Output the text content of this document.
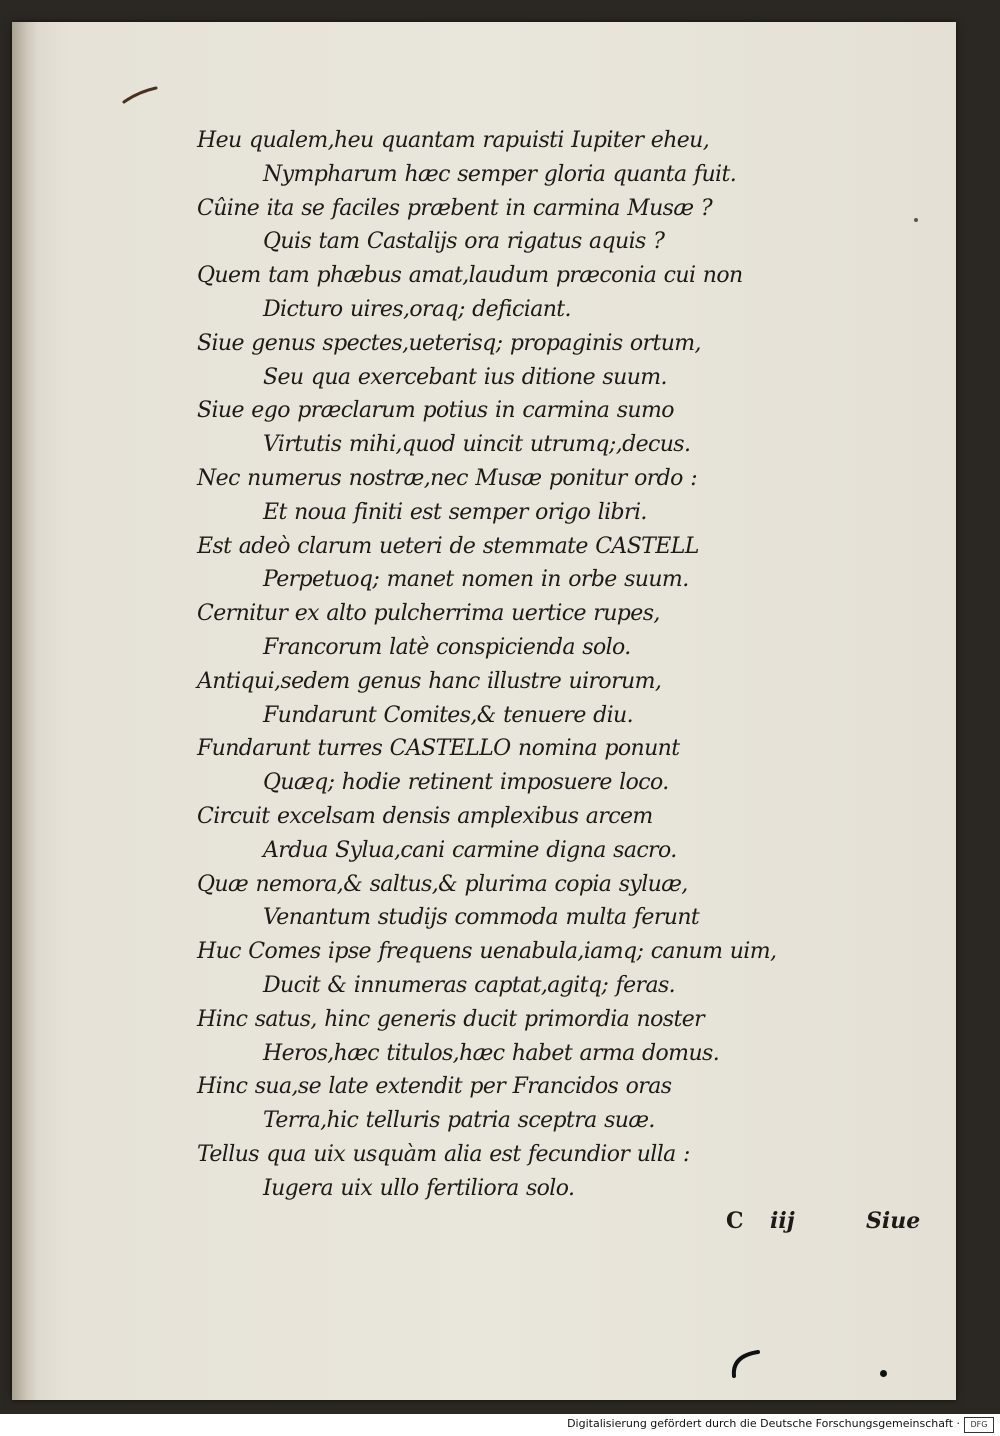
Heu qualem,heu quantam rapuisti Iupiter eheu,
Nympharum hæc semper gloria quanta fuit.
Cûine ita se faciles præbent in carmina Musæ ?
Quis tam Castalijs ora rigatus aquis ?
Quem tam phæbus amat,laudum præconia cui non
Dicturo uires,oraq; deficiant.
Siue genus spectes,ueterisq; propaginis ortum,
Seu qua exercebant ius ditione suum.
Siue ego præclarum potius in carmina sumo
Virtutis mihi,quod uincit utrumq;,decus.
Nec numerus nostræ,nec Musæ ponitur ordo :
Et noua finiti est semper origo libri.
Est adeò clarum ueteri de stemmate CASTELL
Perpetuoq; manet nomen in orbe suum.
Cernitur ex alto pulcherrima uertice rupes,
Francorum latè conspicienda solo.
Antiqui,sedem genus hanc illustre uirorum,
Fundarunt Comites,& tenuere diu.
Fundarunt turres CASTELLO nomina ponunt
Quæq; hodie retinent imposuere loco.
Circuit excelsam densis amplexibus arcem
Ardua Sylua,cani carmine digna sacro.
Quæ nemora,& saltus,& plurima copia syluæ,
Venantum studijs commoda multa ferunt
Huc Comes ipse frequens uenabula,iamq; canum uim,
Ducit & innumeras captat,agitq; feras.
Hinc satus, hinc generis ducit primordia noster
Heros,hæc titulos,hæc habet arma domus.
Hinc sua,se late extendit per Francidos oras
Terra,hic telluris patria sceptra suæ.
Tellus qua uix usquàm alia est fecundior ulla :
Iugera uix ullo fertiliora solo.
C iij	Siue
Digitalisierung gefördert durch die Deutsche Forschungsgemeinschaft ·	DFG
